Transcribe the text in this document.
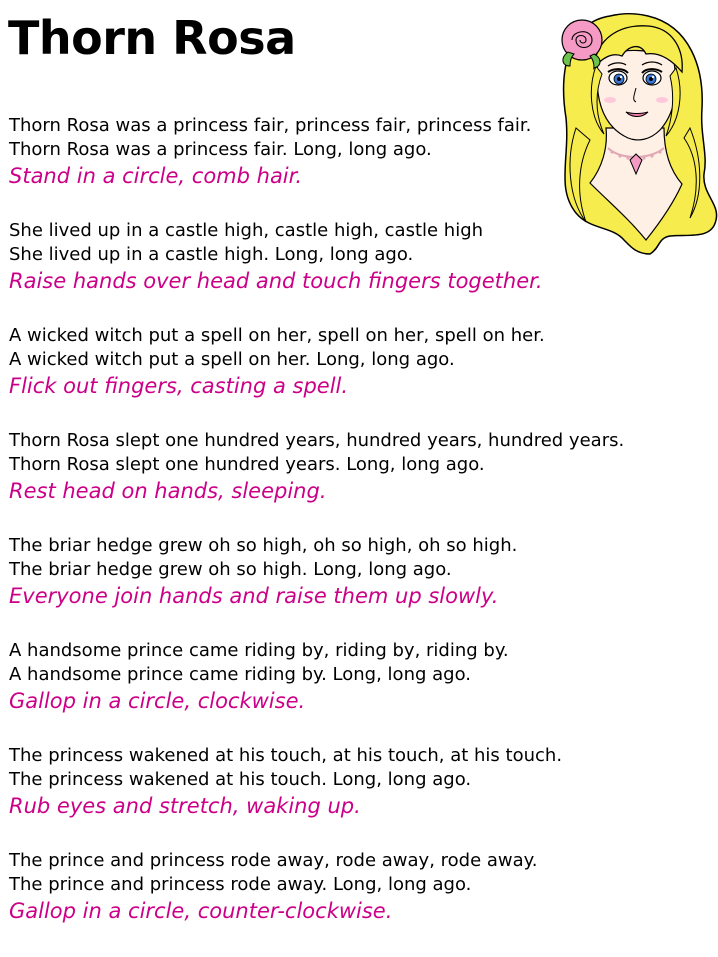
Thorn Rosa
Thorn Rosa was a princess fair, princess fair, princess fair.
Thorn Rosa was a princess fair. Long, long ago.
Stand in a circle, comb hair.
She lived up in a castle high, castle high, castle high
She lived up in a castle high. Long, long ago.
Raise hands over head and touch fingers together.
A wicked witch put a spell on her, spell on her, spell on her.
A wicked witch put a spell on her. Long, long ago.
Flick out fingers, casting a spell.
Thorn Rosa slept one hundred years, hundred years, hundred years.
Thorn Rosa slept one hundred years. Long, long ago.
Rest head on hands, sleeping.
The briar hedge grew oh so high, oh so high, oh so high.
The briar hedge grew oh so high. Long, long ago.
Everyone join hands and raise them up slowly.
A handsome prince came riding by, riding by, riding by.
A handsome prince came riding by. Long, long ago.
Gallop in a circle, clockwise.
The princess wakened at his touch, at his touch, at his touch.
The princess wakened at his touch. Long, long ago.
Rub eyes and stretch, waking up.
The prince and princess rode away, rode away, rode away.
The prince and princess rode away. Long, long ago.
Gallop in a circle, counter-clockwise.
